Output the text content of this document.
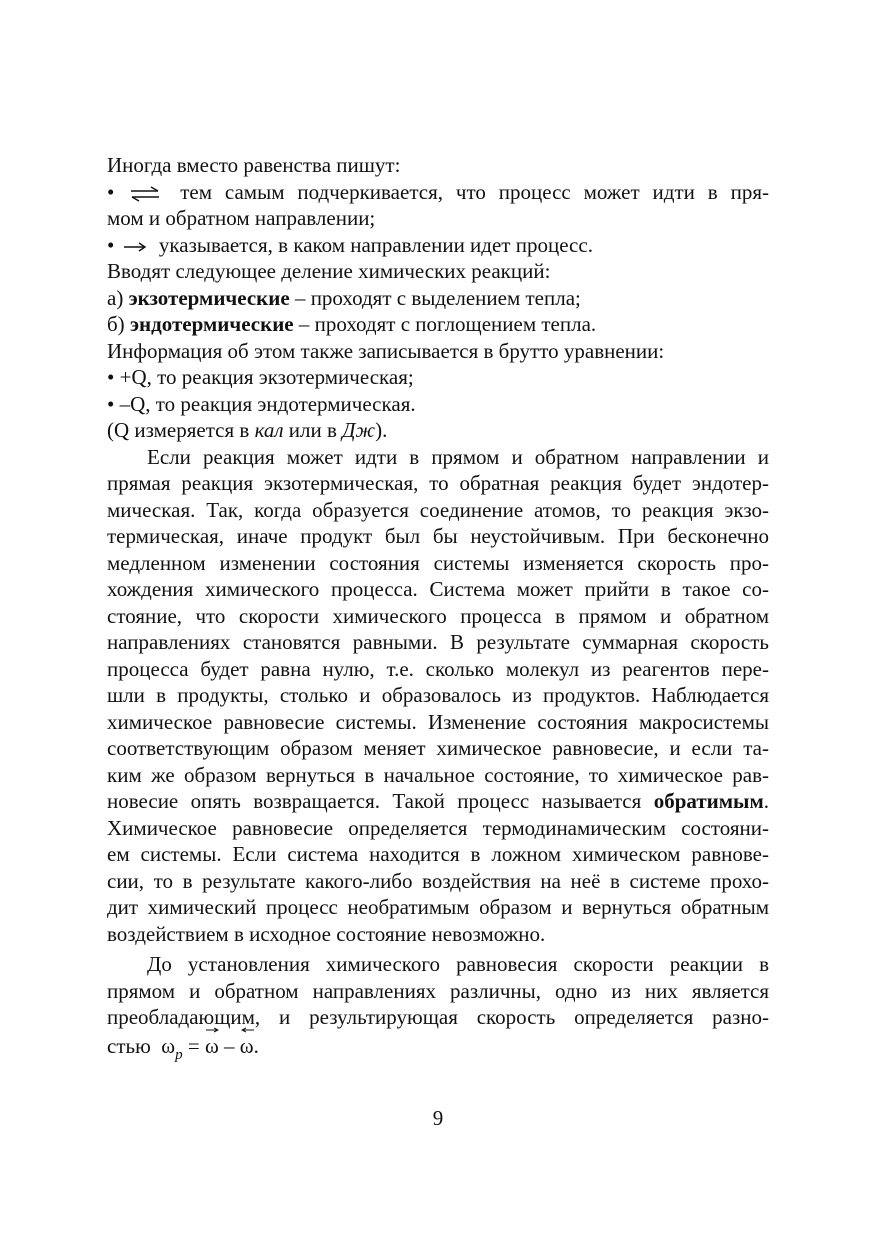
Иногда вместо равенства пишут:
• ⇌ тем самым подчеркивается, что процесс может идти в пря-
мом и обратном направлении;
• указывается, в каком направлении идет процесс.
Вводят следующее деление химических реакций:
а) экзотермические – проходят с выделением тепла;
б) эндотермические – проходят с поглощением тепла.
Информация об этом также записывается в брутто уравнении:
• +Q, то реакция экзотермическая;
• –Q, то реакция эндотермическая.
(Q измеряется в кал или в Дж).
Если реакция может идти в прямом и обратном направлении и
прямая реакция экзотермическая, то обратная реакция будет эндотер-
мическая. Так, когда образуется соединение атомов, то реакция экзо-
термическая, иначе продукт был бы неустойчивым. При бесконечно
медленном изменении состояния системы изменяется скорость про-
хождения химического процесса. Система может прийти в такое со-
стояние, что скорости химического процесса в прямом и обратном
направлениях становятся равными. В результате суммарная скорость
процесса будет равна нулю, т.е. сколько молекул из реагентов пере-
шли в продукты, столько и образовалось из продуктов. Наблюдается
химическое равновесие системы. Изменение состояния макросистемы
соответствующим образом меняет химическое равновесие, и если та-
ким же образом вернуться в начальное состояние, то химическое рав-
новесие опять возвращается. Такой процесс называется обратимым.
Химическое равновесие определяется термодинамическим состояни-
ем системы. Если система находится в ложном химическом равнове-
сии, то в результате какого-либо воздействия на неё в системе прохо-
дит химический процесс необратимым образом и вернуться обратным
воздействием в исходное состояние невозможно.
До установления химического равновесия скорости реакции в
прямом и обратном направлениях различны, одно из них является
преобладающим, и результирующая скорость определяется разно-
стью $\omega_p$ =
ω –
ω.
9
